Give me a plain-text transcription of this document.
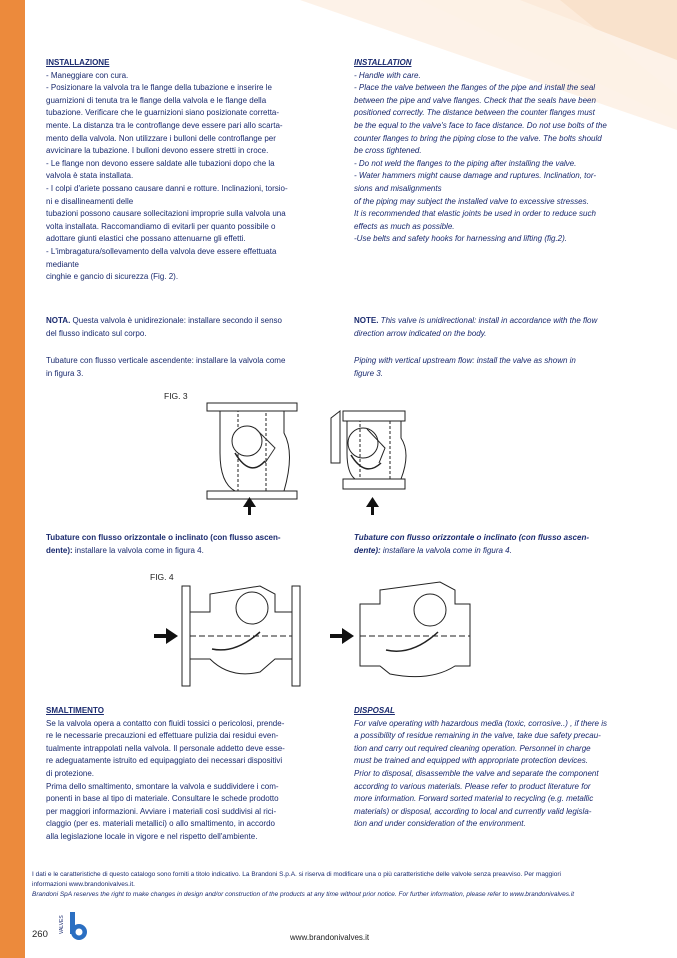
INSTALLAZIONE

- Maneggiare con cura.

- Posizionare la valvola tra le flange della tubazione e inserire le

guarnizioni di tenuta tra le flange della valvola e le flange della

tubazione. Verificare che le guarnizioni siano posizionate corretta-

mente. La distanza tra le controflange deve essere pari allo scarta-

mento della valvola. Non utilizzare i bulloni delle controflange per

avvicinare la tubazione. I bulloni devono essere stretti in croce.

- Le flange non devono essere saldate alle tubazioni dopo che la

valvola è stata installata.

- I colpi d'ariete possano causare danni e rotture. Inclinazioni, torsio-

ni e disallineamenti delle

tubazioni possono causare sollecitazioni improprie sulla valvola una

volta installata. Raccomandiamo di evitarli per quanto possibile o

adottare giunti elastici che possano attenuarne gli effetti.

- L'imbragatura/sollevamento della valvola deve essere effettuata

mediante

cinghie e gancio di sicurezza (Fig. 2).

INSTALLATION

- Handle with care.

- Place the valve between the flanges of the pipe and install the seal

between the pipe and valve flanges. Check that the seals have been

positioned correctly. The distance between the counter flanges must

be the equal to the valve's face to face distance. Do not use bolts of the

counter flanges to bring the piping close to the valve. The bolts should

be cross tightened.

- Do not weld the flanges to the piping after installing the valve.

- Water hammers might cause damage and ruptures. Inclination, tor-

sions and misalignments

of the piping may subject the installed valve to excessive stresses.

It is recommended that elastic joints be used in order to reduce such

effects as much as possible.

-Use belts and safety hooks for harnessing and lifting (fig.2).

NOTA. Questa valvola è unidirezionale: installare secondo il senso

del flusso indicato sul corpo.

NOTE. This valve is unidirectional: install in accordance with the flow

direction arrow indicated on the body.

Tubature con flusso verticale ascendente: installare la valvola come

in figura 3.

Piping with vertical upstream flow: install the valve as shown in

figure 3.

FIG. 3

Tubature con flusso orizzontale o inclinato (con flusso ascen-

dente): installare la valvola come in figura 4.

Tubature con flusso orizzontale o inclinato (con flusso ascen-

dente): installare la valvola come in figura 4.

FIG. 4

SMALTIMENTO

Se la valvola opera a contatto con fluidi tossici o pericolosi, prende-

re le necessarie precauzioni ed effettuare pulizia dai residui even-

tualmente intrappolati nella valvola. Il personale addetto deve esse-

re adeguatamente istruito ed equipaggiato dei necessari dispositivi

di protezione.

Prima dello smaltimento, smontare la valvola e suddividere i com-

ponenti in base al tipo di materiale. Consultare le schede prodotto

per maggiori informazioni. Avviare i materiali così suddivisi al rici-

claggio (per es. materiali metallici) o allo smaltimento, in accordo

alla legislazione locale in vigore e nel rispetto dell'ambiente.

DISPOSAL

For valve operating with hazardous media (toxic, corrosive..) , if there is

a possibility of residue remaining in the valve, take due safety precau-

tion and carry out required cleaning operation. Personnel in charge

must be trained and equipped with appropriate protection devices.

Prior to disposal, disassemble the valve and separate the component

according to various materials. Please refer to product literature for

more information. Forward sorted material to recycling (e.g. metallic

materials) or disposal, according to local and currently valid legisla-

tion and under consideration of the environment.

I dati e le caratteristiche di questo catalogo sono forniti a titolo indicativo. La Brandoni S.p.A. si riserva di modificare una o più caratteristiche delle valvole senza preavviso. Per maggiori
informazioni www.brandonivalves.it.
Brandoni SpA reserves the right to make changes in design and/or construction of the products at any time without prior notice. For further information, please refer to www.brandonivalves.it
260
VALVES
www.brandonivalves.it
